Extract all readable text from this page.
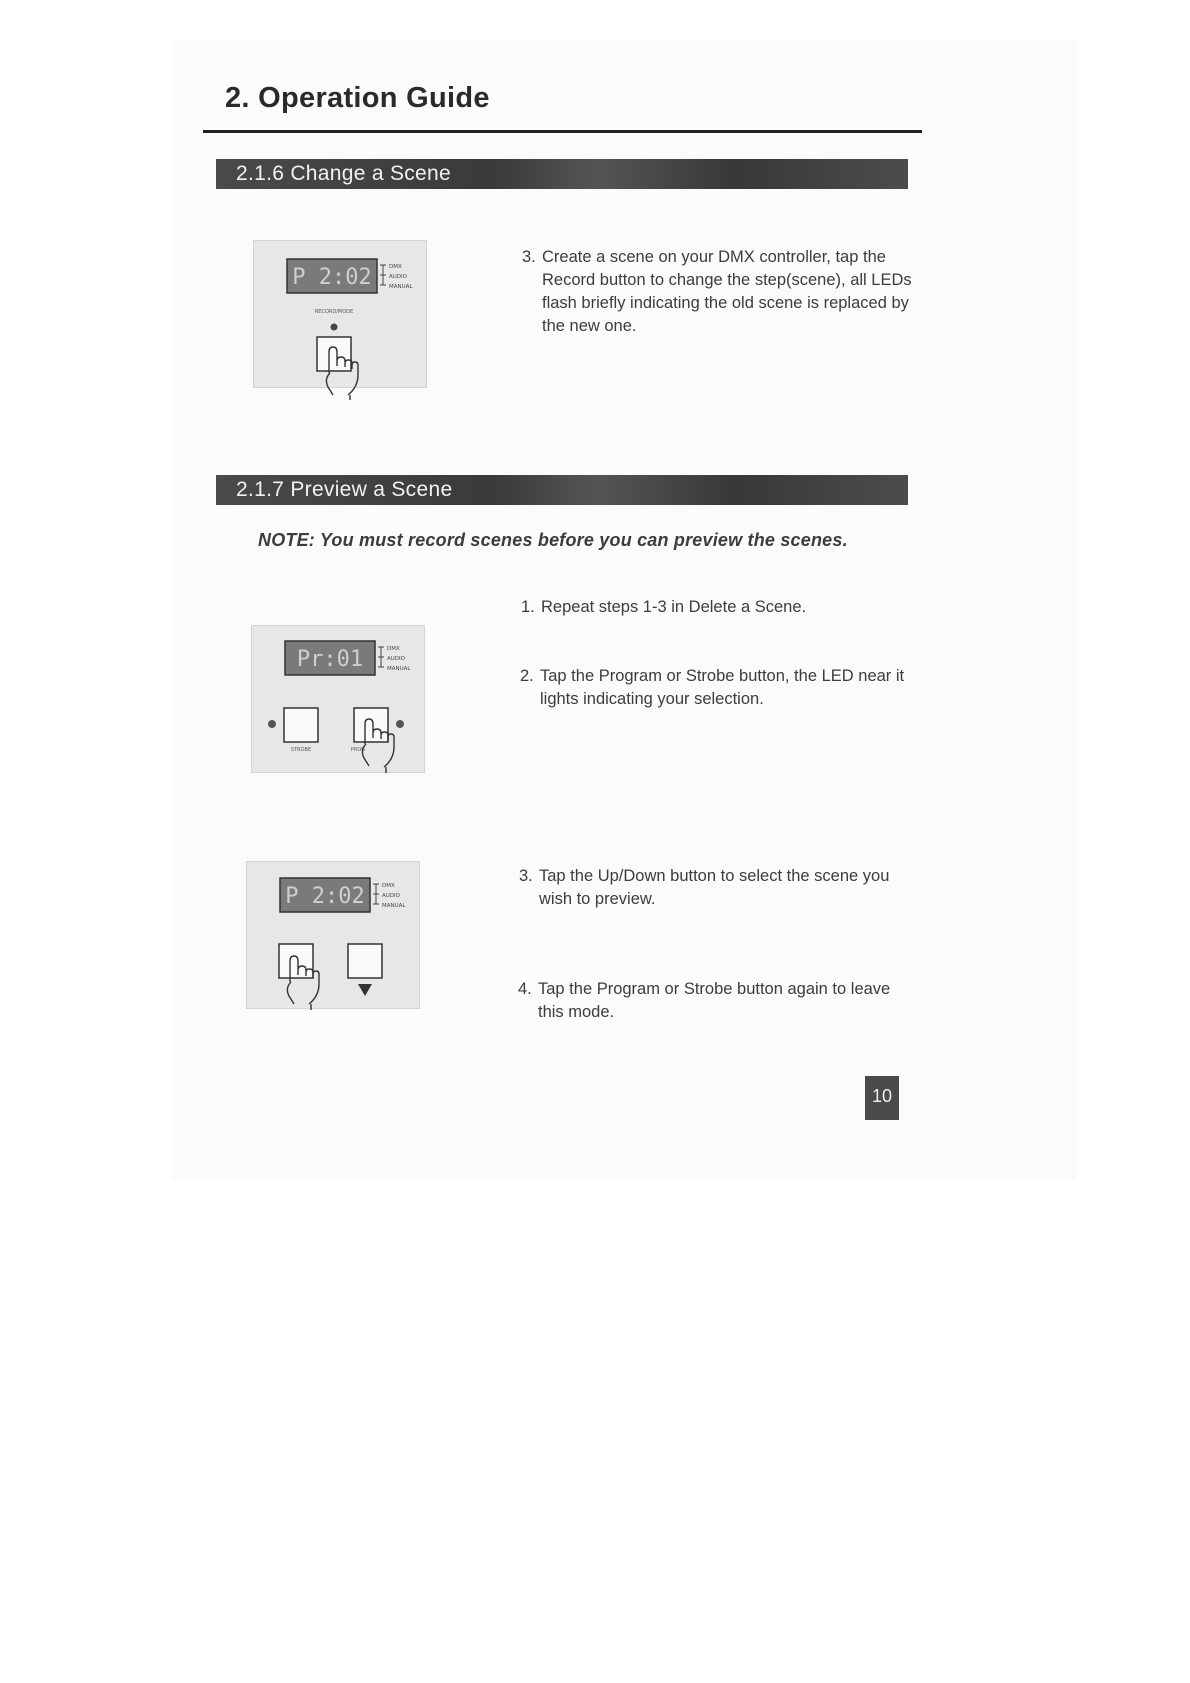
2. Operation Guide
2.1.6 Change a Scene
P 2:02	DMX
AUDIO
MANUAL
RECORD/MODE
3. Create a scene on your DMX controller, tap the Record button to change the step(scene), all LEDs flash briefly indicating the old scene is replaced by the new one.
2.1.7 Preview a Scene
NOTE: You must record scenes before you can preview the scenes.
Pr:01	DMX
AUDIO
MANUAL
STROBE	PROG
1. Repeat steps 1-3 in Delete a Scene.
2. Tap the Program or Strobe button, the LED near it lights indicating your selection.
P 2:02	DMX
AUDIO
MANUAL
3. Tap the Up/Down button to select the scene you wish to preview.
4. Tap the Program or Strobe button again to leave this mode.
10
